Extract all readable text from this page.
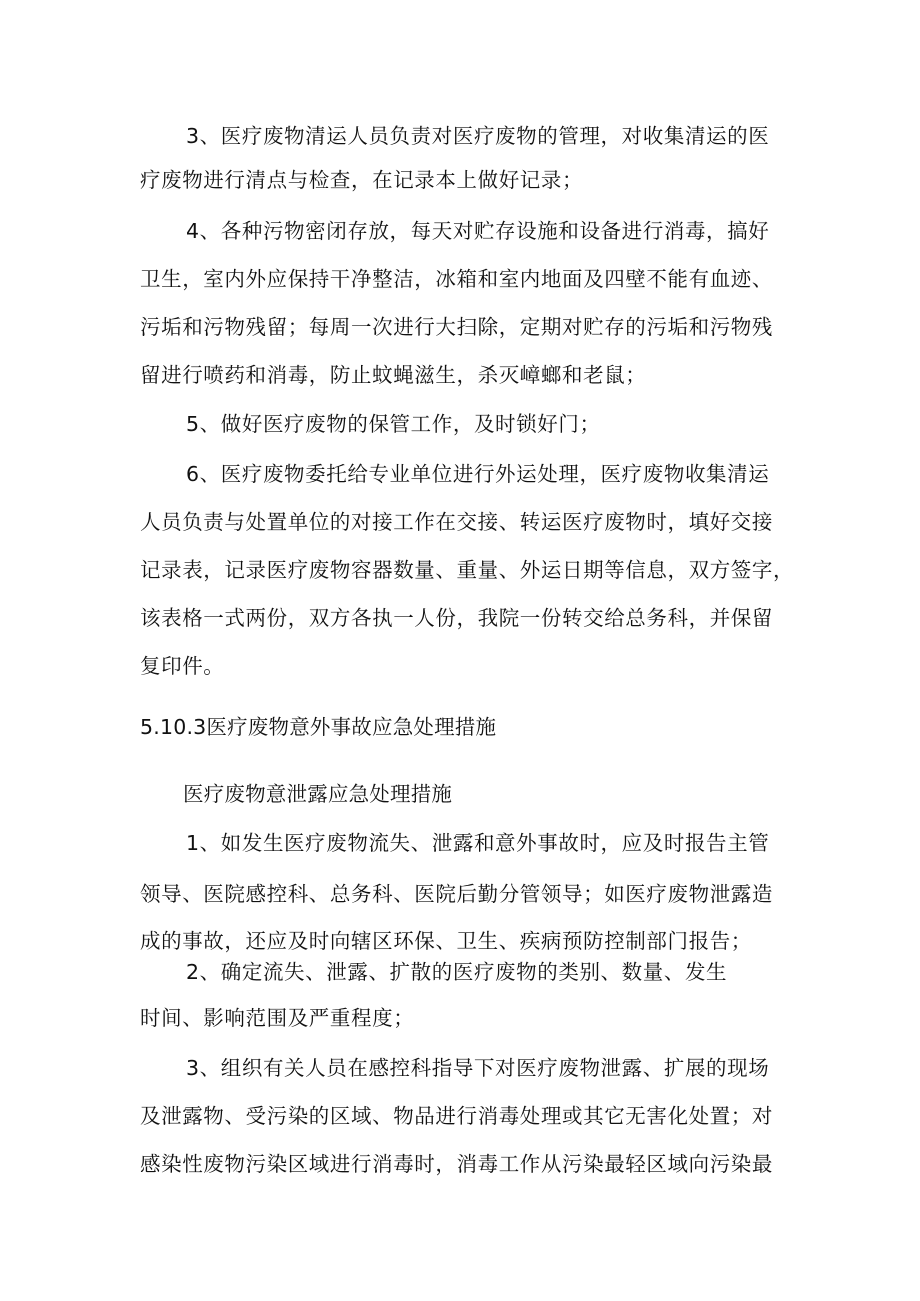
3、医疗废物清运人员负责对医疗废物的管理，对收集清运的医
疗废物进行清点与检查，在记录本上做好记录；
4、各种污物密闭存放，每天对贮存设施和设备进行消毒，搞好
卫生，室内外应保持干净整洁，冰箱和室内地面及四壁不能有血迹、
污垢和污物残留；每周一次进行大扫除，定期对贮存的污垢和污物残
留进行喷药和消毒，防止蚊蝇滋生，杀灭嶂螂和老鼠；
5、做好医疗废物的保管工作，及时锁好门；
6、医疗废物委托给专业单位进行外运处理，医疗废物收集清运
人员负责与处置单位的对接工作在交接、转运医疗废物时，填好交接
记录表，记录医疗废物容器数量、重量、外运日期等信息，双方签字，
该表格一式两份，双方各执一人份，我院一份转交给总务科，并保留
复印件。
5.10.3医疗废物意外事故应急处理措施
医疗废物意泄露应急处理措施
1、如发生医疗废物流失、泄露和意外事故时，应及时报告主管
领导、医院感控科、总务科、医院后勤分管领导；如医疗废物泄露造
成的事故，还应及时向辖区环保、卫生、疾病预防控制部门报告；
2、确定流失、泄露、扩散的医疗废物的类别、数量、发生
时间、影响范围及严重程度；
3、组织有关人员在感控科指导下对医疗废物泄露、扩展的现场
及泄露物、受污染的区域、物品进行消毒处理或其它无害化处置；对
感染性废物污染区域进行消毒时，消毒工作从污染最轻区域向污染最
